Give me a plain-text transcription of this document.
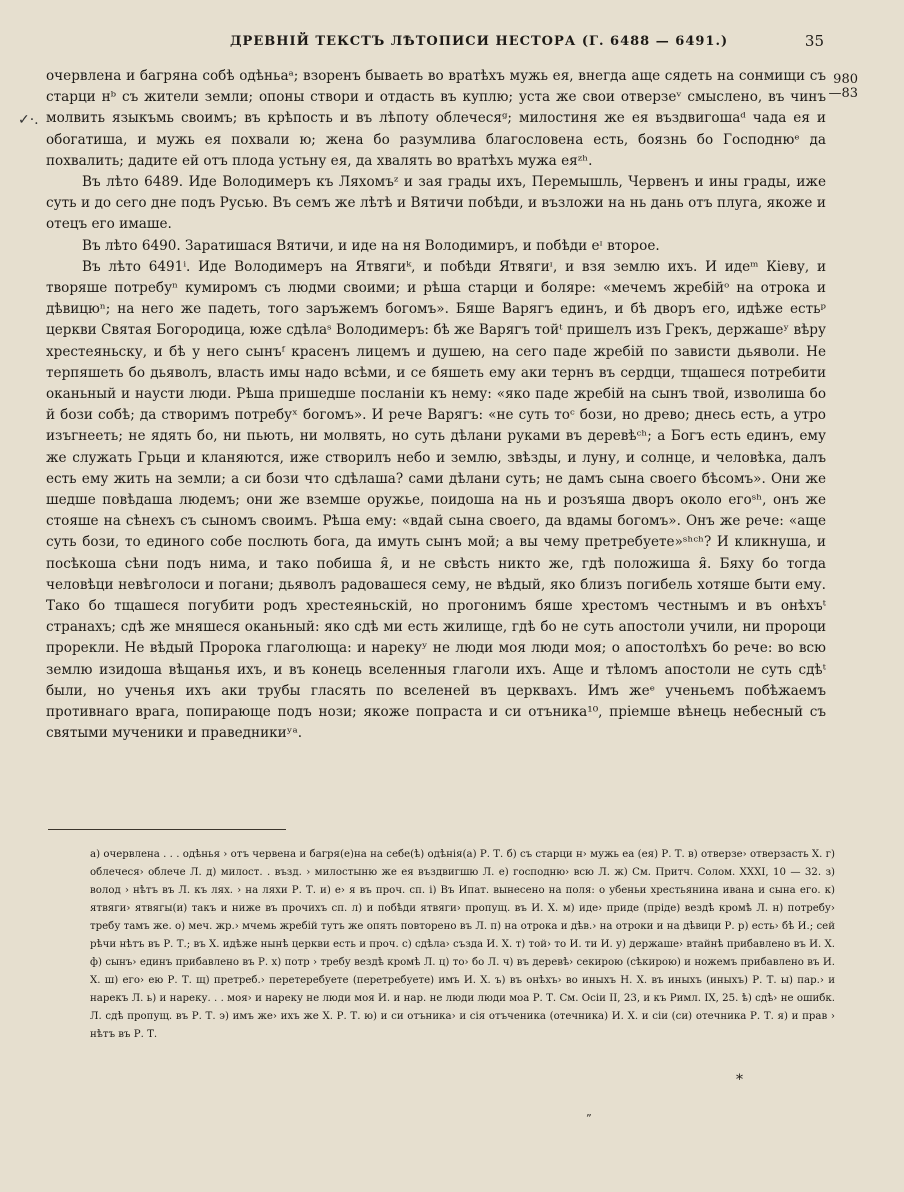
ДРЕВНІЙ ТЕКСТЪ ЛѢТОПИСИ НЕСТОРА (Г. 6488 — 6491.)	35
980
—83
✓·.

очервлена и багряна собѣ одѣньаᵃ; взоренъ бываеть во вратѣхъ мужь ея, внегда аще сядеть на сонмищи съ старци нᵇ съ жители земли; опоны створи и отдасть въ куплю; уста же свои отверзеᵛ смыслено, въ чинъ молвить языкъмь своимъ; въ крѣпость и въ лѣпоту облечесяᵍ; милостиня же ея въздвигошаᵈ чада ея и обогатиша, и мужь ея похвали ю; жена бо разумлива благословена есть, боязнь бо Господнюᵉ да похвалить; дадите ей отъ плода устьну ея, да хвалять во вратѣхъ мужа еяᶻʰ.

Въ лѣто 6489. Иде Володимеръ къ Ляхомъᶻ и зая грады ихъ, Перемышль, Червенъ и ины грады, иже суть и до сего дне подъ Русью. Въ семъ же лѣтѣ и Вятичи побѣди, и възложи на нь дань отъ плуга, якоже и отецъ его имаше.

Въ лѣто 6490. Заратишася Вятичи, и иде на ня Володимиръ, и побѣди еᶦ второе.

Въ лѣто 6491ⁱ. Иде Володимеръ на Ятвягиᵏ, и побѣди Ятвягиᶦ, и взя землю ихъ. И идеᵐ Кіеву, и творяше потребуⁿ кумиромъ съ людми своими; и рѣша старци и боляре: «мечемъ жребійᵒ на отрока и дѣвицюⁿ; на него же падеть, того заръжемъ богомъ». Бяше Варягъ единъ, и бѣ дворъ его, идѣже естьᵖ церкви Святая Богородица, юже сдѣлаˢ Володимеръ: бѣ же Варягъ тойᵗ пришелъ изъ Грекъ, держашеʸ вѣру хрестеяньску, и бѣ у него сынъᶠ красенъ лицемъ и душею, на сего паде жребій по зависти дьяволи. Не терпяшеть бо дьяволъ, власть имы надо всѣми, и се бяшеть ему аки тернъ въ сердци, тщашеся потребити оканьный и наусти люди. Рѣша пришедше посланіи къ нему: «яко паде жребій на сынъ твой, изволиша бо й бози собѣ; да створимъ потребуˣ богомъ». И рече Варягъ: «не суть тоᶜ бози, но древо; днесь есть, а утро изъгнееть; не ядять бо, ни пьють, ни молвять, но суть дѣлани руками въ деревѣᶜʰ; а Богъ есть единъ, ему же служать Грьци и кланяются, иже створилъ небо и землю, звѣзды, и луну, и солнце, и человѣка, далъ есть ему жить на земли; а си бози что сдѣлаша? сами дѣлани суть; не дамъ сына своего бѣсомъ». Они же шедше повѣдаша людемъ; они же вземше оружье, поидоша на нь и розъяша дворъ около егоˢʰ, онъ же стояше на сѣнехъ съ сыномъ своимъ. Рѣша ему: «вдай сына своего, да вдамы богомъ». Онъ же рече: «аще суть бози, то единого собе послють бога, да имуть сынъ мой; а вы чему претребуете»ˢʰᶜʰ? И кликнуша, и посѣкоша сѣни подъ нима, и тако побиша я̑, и не свѣсть никто же, гдѣ положиша я̑. Бяху бо тогда человѣци невѣголоси и погани; дьяволъ радовашеся сему, не вѣдый, яко близъ погибель хотяше быти ему. Тако бо тщашеся погубити родъ хрестеяньскій, но прогонимъ бяше хрестомъ честнымъ и въ онѣхъᵗ странахъ; сдѣ же мняшеся оканьный: яко сдѣ ми есть жилище, гдѣ бо не суть апостоли учили, ни пророци прорекли. Не вѣдый Пророка глаголюща: и нарекуʸ не люди моя люди моя; о апостолѣхъ бо рече: во всю землю изидоша вѣщанья ихъ, и въ конець вселенныя глаголи ихъ. Аще и тѣломъ апостоли не суть сдѣᵗ были, но ученья ихъ аки трубы гласять по вселеней въ церквахъ. Имъ жеᵉ ученьемъ побѣжаемъ противнаго врага, попирающе подъ нози; якоже попраста и си отъника¹⁰, пріемше вѣнець небесный съ святыми мученики и праведникиʸᵃ.

а) очервлена . . . одѣнья › отъ червена и багря(е)на на себе(ѣ) одѣнія(а) Р. Т. б) съ старци н› мужь еа (ея) Р. Т. в) отверзе› отверзасть Х. г) облечеся› облече Л. д) милост. . възд. › милостыню же ея въздвигшю Л. е) господню› всю Л. ж) См. Притч. Солом. XXXI, 10 — 32. з) волод › нѣтъ въ Л. къ лях. › на ляхи Р. Т. и) е› я въ проч. сп. і) Въ Ипат. вынесено на поля: о убеньи хрестьянина ивана и сына его. к) ятвяги› ятвягы(и) такъ и ниже въ прочихъ сп. л) и побѣди ятвяги› пропущ. въ И. Х. м) иде› приде (пріде) вездѣ кромѣ Л. н) потребу› требу тамъ же. о) меч. жр.› мчемь жребій тутъ же опять повторено въ Л. п) на отрока и дѣв.› на отроки и на дѣвици Р. р) есть› бѣ И.; сей рѣчи нѣтъ въ Р. Т.; въ Х. идѣже нынѣ церкви есть и проч. с) сдѣла› създа И. Х. т) той› то И. ти И. у) держаше› втайнѣ прибавлено въ И. Х. ф) сынъ› единъ прибавлено въ Р. х) потр › требу вездѣ кромѣ Л. ц) то› бо Л. ч) въ деревѣ› секирою (сѣкирою) и ножемъ прибавлено въ И. Х. ш) его› ею Р. Т. щ) претреб.› перетеребуете (перетребуете) имъ И. Х. ъ) въ онѣхъ› во иныхъ Н. Х. въ иныхъ (иныхъ) Р. Т. ы) пар.› и нарекъ Л. ь) и нареку. . . моя› и нареку не люди моя И. и нар. не люди люди моа Р. Т. См. Осіи II, 23, и къ Римл. IX, 25. ѣ) сдѣ› не ошибк. Л. сдѣ пропущ. въ Р. Т. э) имъ же› ихъ же Х. Р. Т. ю) и си отъника› и сія отъченика (отечника) И. Х. и сіи (си) отечника Р. Т. я) и прав › нѣтъ въ Р. Т.
*
”
